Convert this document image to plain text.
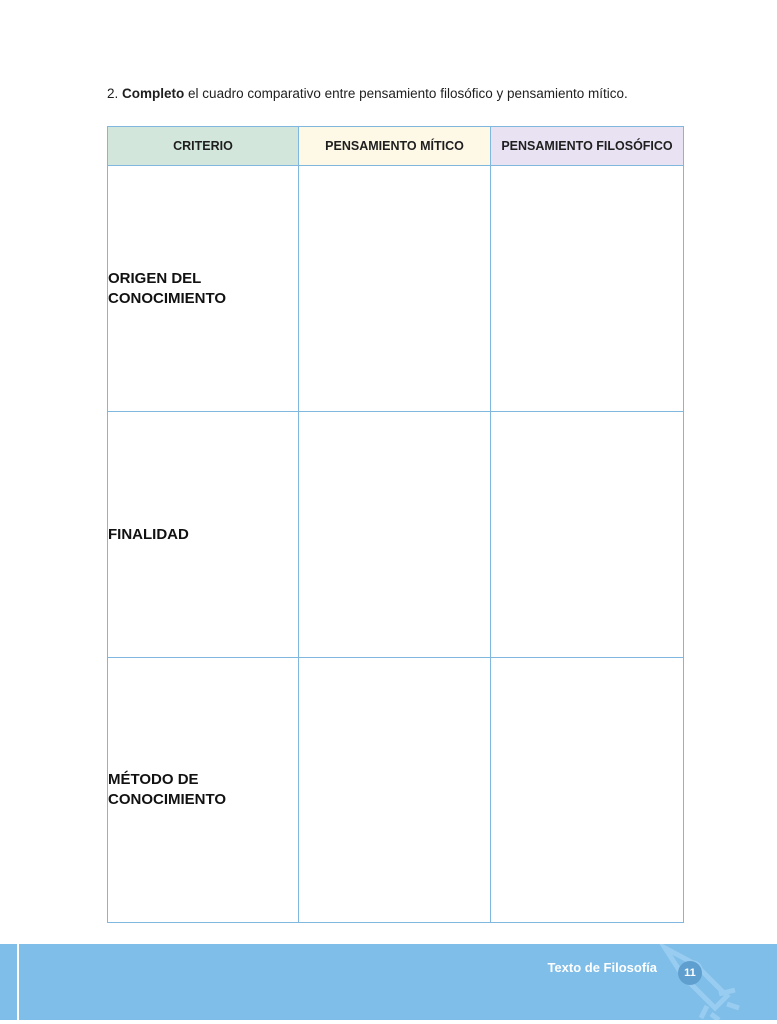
2. Completo el cuadro comparativo entre pensamiento filosófico y pensamiento mítico.

CRITERIO	PENSAMIENTO MÍTICO	PENSAMIENTO FILOSÓFICO
ORIGEN DEL CONOCIMIENTO		
FINALIDAD		
MÉTODO DE CONOCIMIENTO		
Texto de Filosofía	11
